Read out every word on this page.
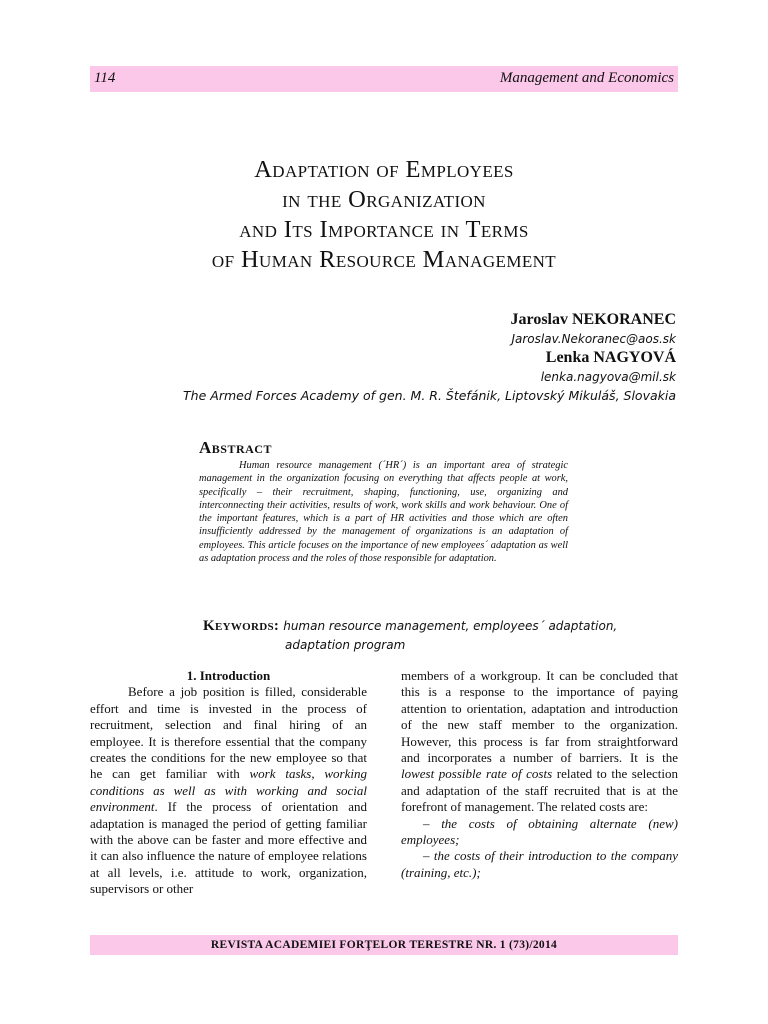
114	Management and Economics
Adaptation of Employees
in the Organization
and Its Importance in Terms
of Human Resource Management
Jaroslav NEKORANEC
Jaroslav.Nekoranec@aos.sk
Lenka NAGYOVÁ
lenka.nagyova@mil.sk
The Armed Forces Academy of gen. M. R. Štefánik, Liptovský Mikuláš, Slovakia
Abstract
Human resource management (´HR´) is an important area of strategic management in the organization focusing on everything that affects people at work, specifically – their recruitment, shaping, functioning, use, organizing and interconnecting their activities, results of work, work skills and work behaviour. One of the important features, which is a part of HR activities and those which are often insufficiently addressed by the management of organizations is an adaptation of employees. This article focuses on the importance of new employees´ adaptation as well as adaptation process and the roles of those responsible for adaptation.
Keywords: human resource management, employees´ adaptation,
adaptation program
1. Introduction
Before a job position is filled, considerable effort and time is invested in the process of recruitment, selection and final hiring of an employee. It is therefore essential that the company creates the conditions for the new employee so that he can get familiar with work tasks, working conditions as well as with working and social environment. If the process of orientation and adaptation is managed the period of getting familiar with the above can be faster and more effective and it can also influence the nature of employee relations at all levels, i.e. attitude to work, organization, supervisors or other
members of a workgroup. It can be concluded that this is a response to the importance of paying attention to orientation, adaptation and introduction of the new staff member to the organization. However, this process is far from straightforward and incorporates a number of barriers. It is the lowest possible rate of costs related to the selection and adaptation of the staff recruited that is at the forefront of management. The related costs are:
– the costs of obtaining alternate (new) employees;
– the costs of their introduction to the company (training, etc.);
REVISTA ACADEMIEI FORŢELOR TERESTRE NR. 1 (73)/2014
